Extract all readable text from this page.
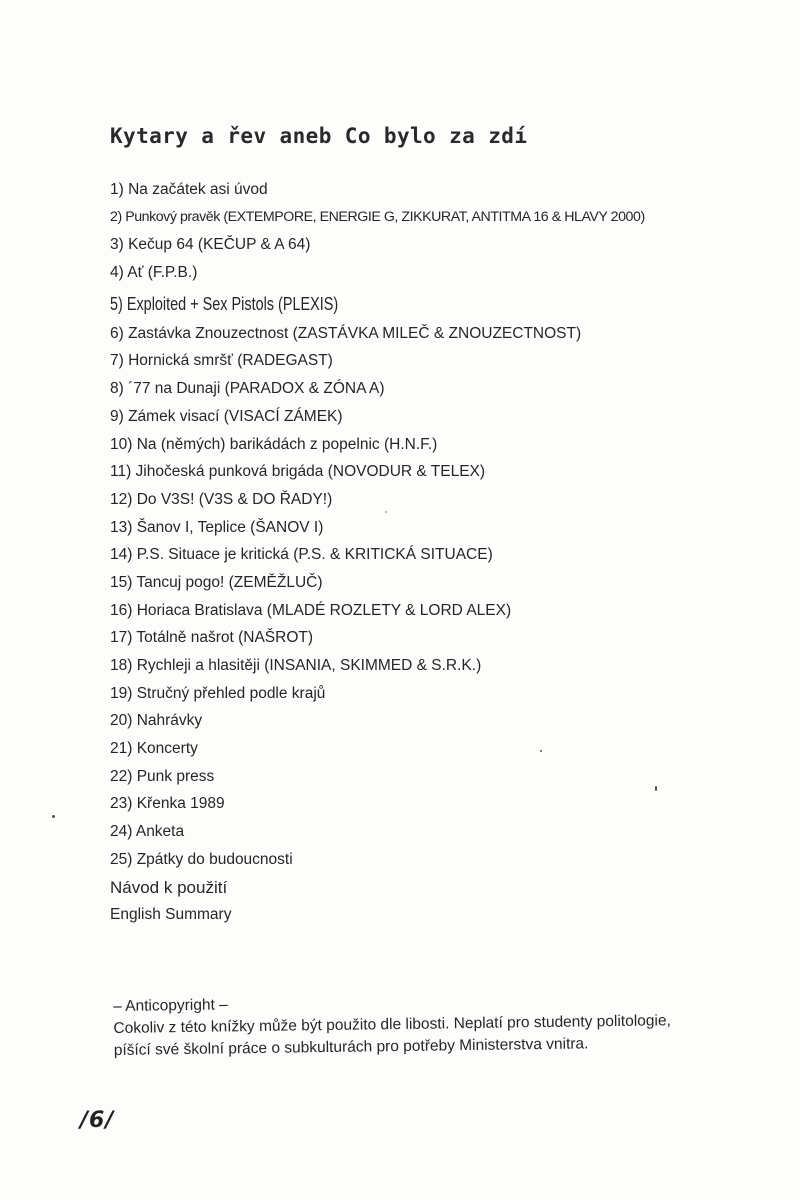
Kytary a řev aneb Co bylo za zdí
1) Na začátek asi úvod
2) Punkový pravěk (EXTEMPORE, ENERGIE G, ZIKKURAT, ANTITMA 16 & HLAVY 2000)
3) Kečup 64 (KEČUP & A 64)
4) Ať (F.P.B.)
5) Exploited + Sex Pistols (PLEXIS)
6) Zastávka Znouzectnost (ZASTÁVKA MILEČ & ZNOUZECTNOST)
7) Hornická smršť (RADEGAST)
8) ´77 na Dunaji (PARADOX & ZÓNA A)
9) Zámek visací (VISACÍ ZÁMEK)
10) Na (němých) barikádách z popelnic (H.N.F.)
11) Jihočeská punková brigáda (NOVODUR & TELEX)
12) Do V3S! (V3S & DO ŘADY!)
13) Šanov I, Teplice (ŠANOV I)
14) P.S. Situace je kritická (P.S. & KRITICKÁ SITUACE)
15) Tancuj pogo! (ZEMĚŽLUČ)
16) Horiaca Bratislava (MLADÉ ROZLETY & LORD ALEX)
17) Totálně našrot (NAŠROT)
18) Rychleji a hlasitěji (INSANIA, SKIMMED & S.R.K.)
19) Stručný přehled podle krajů
20) Nahrávky
21) Koncerty
22) Punk press
23) Křenka 1989
24) Anketa
25) Zpátky do budoucnosti
Návod k použití
English Summary

– Anticopyright –

Cokoliv z této knížky může být použito dle libosti. Neplatí pro studenty politologie,

píšící své školní práce o subkulturách pro potřeby Ministerstva vnitra.

/6/
